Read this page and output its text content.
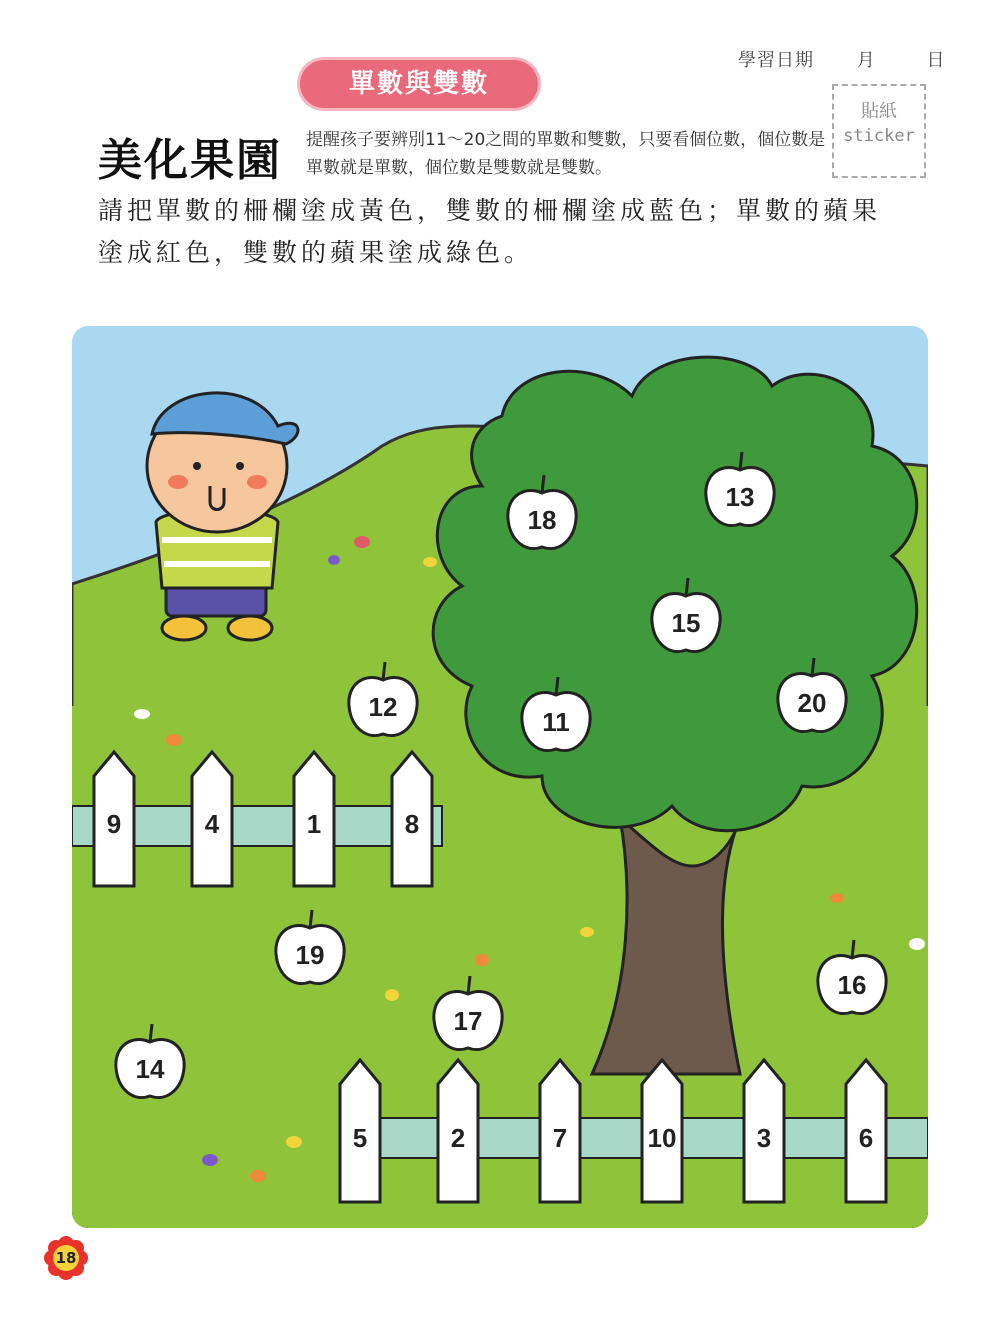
學習日期 月	日
單數與雙數
貼紙
sticker
美化果園 提醒孩子要辨別11～20之間的單數和雙數，只要看個位數，個位數是單數就是單數，個位數是雙數就是雙數。
請把單數的柵欄塗成黃色，雙數的柵欄塗成藍色；單數的蘋果塗成紅色，雙數的蘋果塗成綠色。
9	4	1	8
5	2	7	10	3	6
18
13
15
20
12	11
19
17
16
14
18
